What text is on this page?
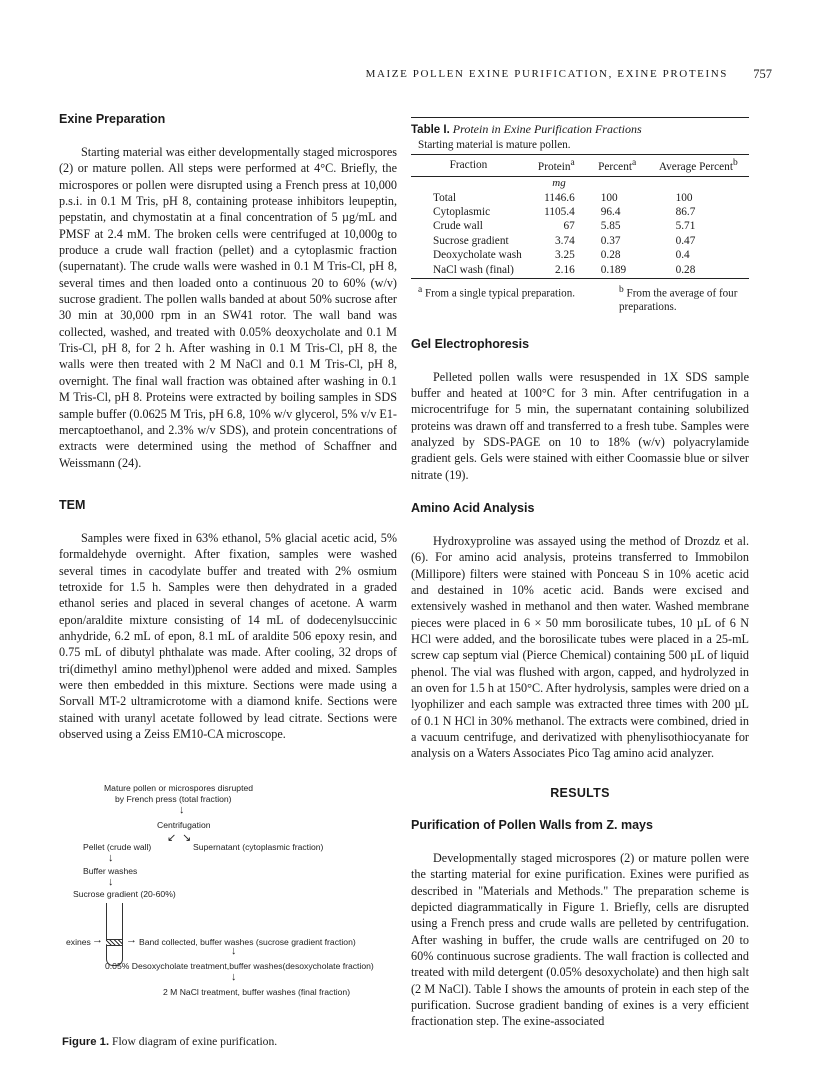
MAIZE POLLEN EXINE PURIFICATION, EXINE PROTEINS 757
Exine Preparation

Starting material was either developmentally staged microspores (2) or mature pollen. All steps were performed at 4°C. Briefly, the microspores or pollen were disrupted using a French press at 10,000 p.s.i. in 0.1 M Tris, pH 8, containing protease inhibitors leupeptin, pepstatin, and chymostatin at a final concentration of 5 µg/mL and PMSF at 2.4 mM. The broken cells were centrifuged at 10,000g to produce a crude wall fraction (pellet) and a cytoplasmic fraction (supernatant). The crude walls were washed in 0.1 M Tris-Cl, pH 8, several times and then loaded onto a continuous 20 to 60% (w/v) sucrose gradient. The pollen walls banded at about 50% sucrose after 30 min at 30,000 rpm in an SW41 rotor. The wall band was collected, washed, and treated with 0.05% deoxycholate and 0.1 M Tris-Cl, pH 8, for 2 h. After washing in 0.1 M Tris-Cl, pH 8, the walls were then treated with 2 M NaCl and 0.1 M Tris-Cl, pH 8, overnight. The final wall fraction was obtained after washing in 0.1 M Tris-Cl, pH 8. Proteins were extracted by boiling samples in SDS sample buffer (0.0625 M Tris, pH 6.8, 10% w/v glycerol, 5% v/v E1-mercaptoethanol, and 2.3% w/v SDS), and protein concentrations of extracts were determined using the method of Schaffner and Weissmann (24).

TEM

Samples were fixed in 63% ethanol, 5% glacial acetic acid, 5% formaldehyde overnight. After fixation, samples were washed several times in cacodylate buffer and treated with 2% osmium tetroxide for 1.5 h. Samples were then dehydrated in a graded ethanol series and placed in several changes of acetone. A warm epon/araldite mixture consisting of 14 mL of dodecenylsuccinic anhydride, 6.2 mL of epon, 8.1 mL of araldite 506 epoxy resin, and 0.75 mL of dibutyl phthalate was made. After cooling, 32 drops of tri(dimethyl amino methyl)phenol were added and mixed. Samples were then embedded in this mixture. Sections were made using a Sorvall MT-2 ultramicrotome with a diamond knife. Sections were stained with uranyl acetate followed by lead citrate. Sections were observed using a Zeiss EM10-CA microscope.

Mature pollen or microspores disrupted
by French press (total fraction)
↓
Centrifugation
↙ ↘
Pellet (crude wall)	Supernatant (cytoplasmic fraction)
↓
Buffer washes
↓
Sucrose gradient (20-60%)
exines → → Band collected, buffer washes (sucrose gradient fraction)
↓
0.05% Desoxycholate treatment,buffer washes(desoxycholate fraction)
↓
2 M NaCl treatment, buffer washes (final fraction)
Figure 1. Flow diagram of exine purification.
Table I. Protein in Exine Purification Fractions
Starting material is mature pollen.
Fraction	Protein$^a$	Percent$^a$	Average Percent$^b$
	mg		
Total	1146.6	100	100
Cytoplasmic	1105.4	96.4	86.7
Crude wall	67	5.85	5.71
Sucrose gradient	3.74	0.37	0.47
Deoxycholate wash	3.25	0.28	0.4
NaCl wash (final)	2.16	0.189	0.28
$^a$ From a single typical preparation.	$^b$ From the average of four preparations.
Gel Electrophoresis

Pelleted pollen walls were resuspended in 1X SDS sample buffer and heated at 100°C for 3 min. After centrifugation in a microcentrifuge for 5 min, the supernatant containing solubilized proteins was drawn off and transferred to a fresh tube. Samples were analyzed by SDS-PAGE on 10 to 18% (w/v) polyacrylamide gradient gels. Gels were stained with either Coomassie blue or silver nitrate (19).

Amino Acid Analysis

Hydroxyproline was assayed using the method of Drozdz et al. (6). For amino acid analysis, proteins transferred to Immobilon (Millipore) filters were stained with Ponceau S in 10% acetic acid and destained in 10% acetic acid. Bands were excised and extensively washed in methanol and then water. Washed membrane pieces were placed in 6 × 50 mm borosilicate tubes, 10 µL of 6 N HCl were added, and the borosilicate tubes were placed in a 25-mL screw cap septum vial (Pierce Chemical) containing 500 µL of liquid phenol. The vial was flushed with argon, capped, and hydrolyzed in an oven for 1.5 h at 150°C. After hydrolysis, samples were dried on a lyophilizer and each sample was extracted three times with 200 µL of 0.1 N HCl in 30% methanol. The extracts were combined, dried in a vacuum centrifuge, and derivatized with phenylisothiocyanate for analysis on a Waters Associates Pico Tag amino acid analyzer.

RESULTS
Purification of Pollen Walls from Z. mays

Developmentally staged microspores (2) or mature pollen were the starting material for exine purification. Exines were purified as described in "Materials and Methods." The preparation scheme is depicted diagrammatically in Figure 1. Briefly, cells are disrupted using a French press and crude walls are pelleted by centrifugation. After washing in buffer, the crude walls are centrifuged on 20 to 60% continuous sucrose gradients. The wall fraction is collected and treated with mild detergent (0.05% desoxycholate) and then high salt (2 M NaCl). Table I shows the amounts of protein in each step of the purification. Sucrose gradient banding of exines is a very efficient fractionation step. The exine-associated
